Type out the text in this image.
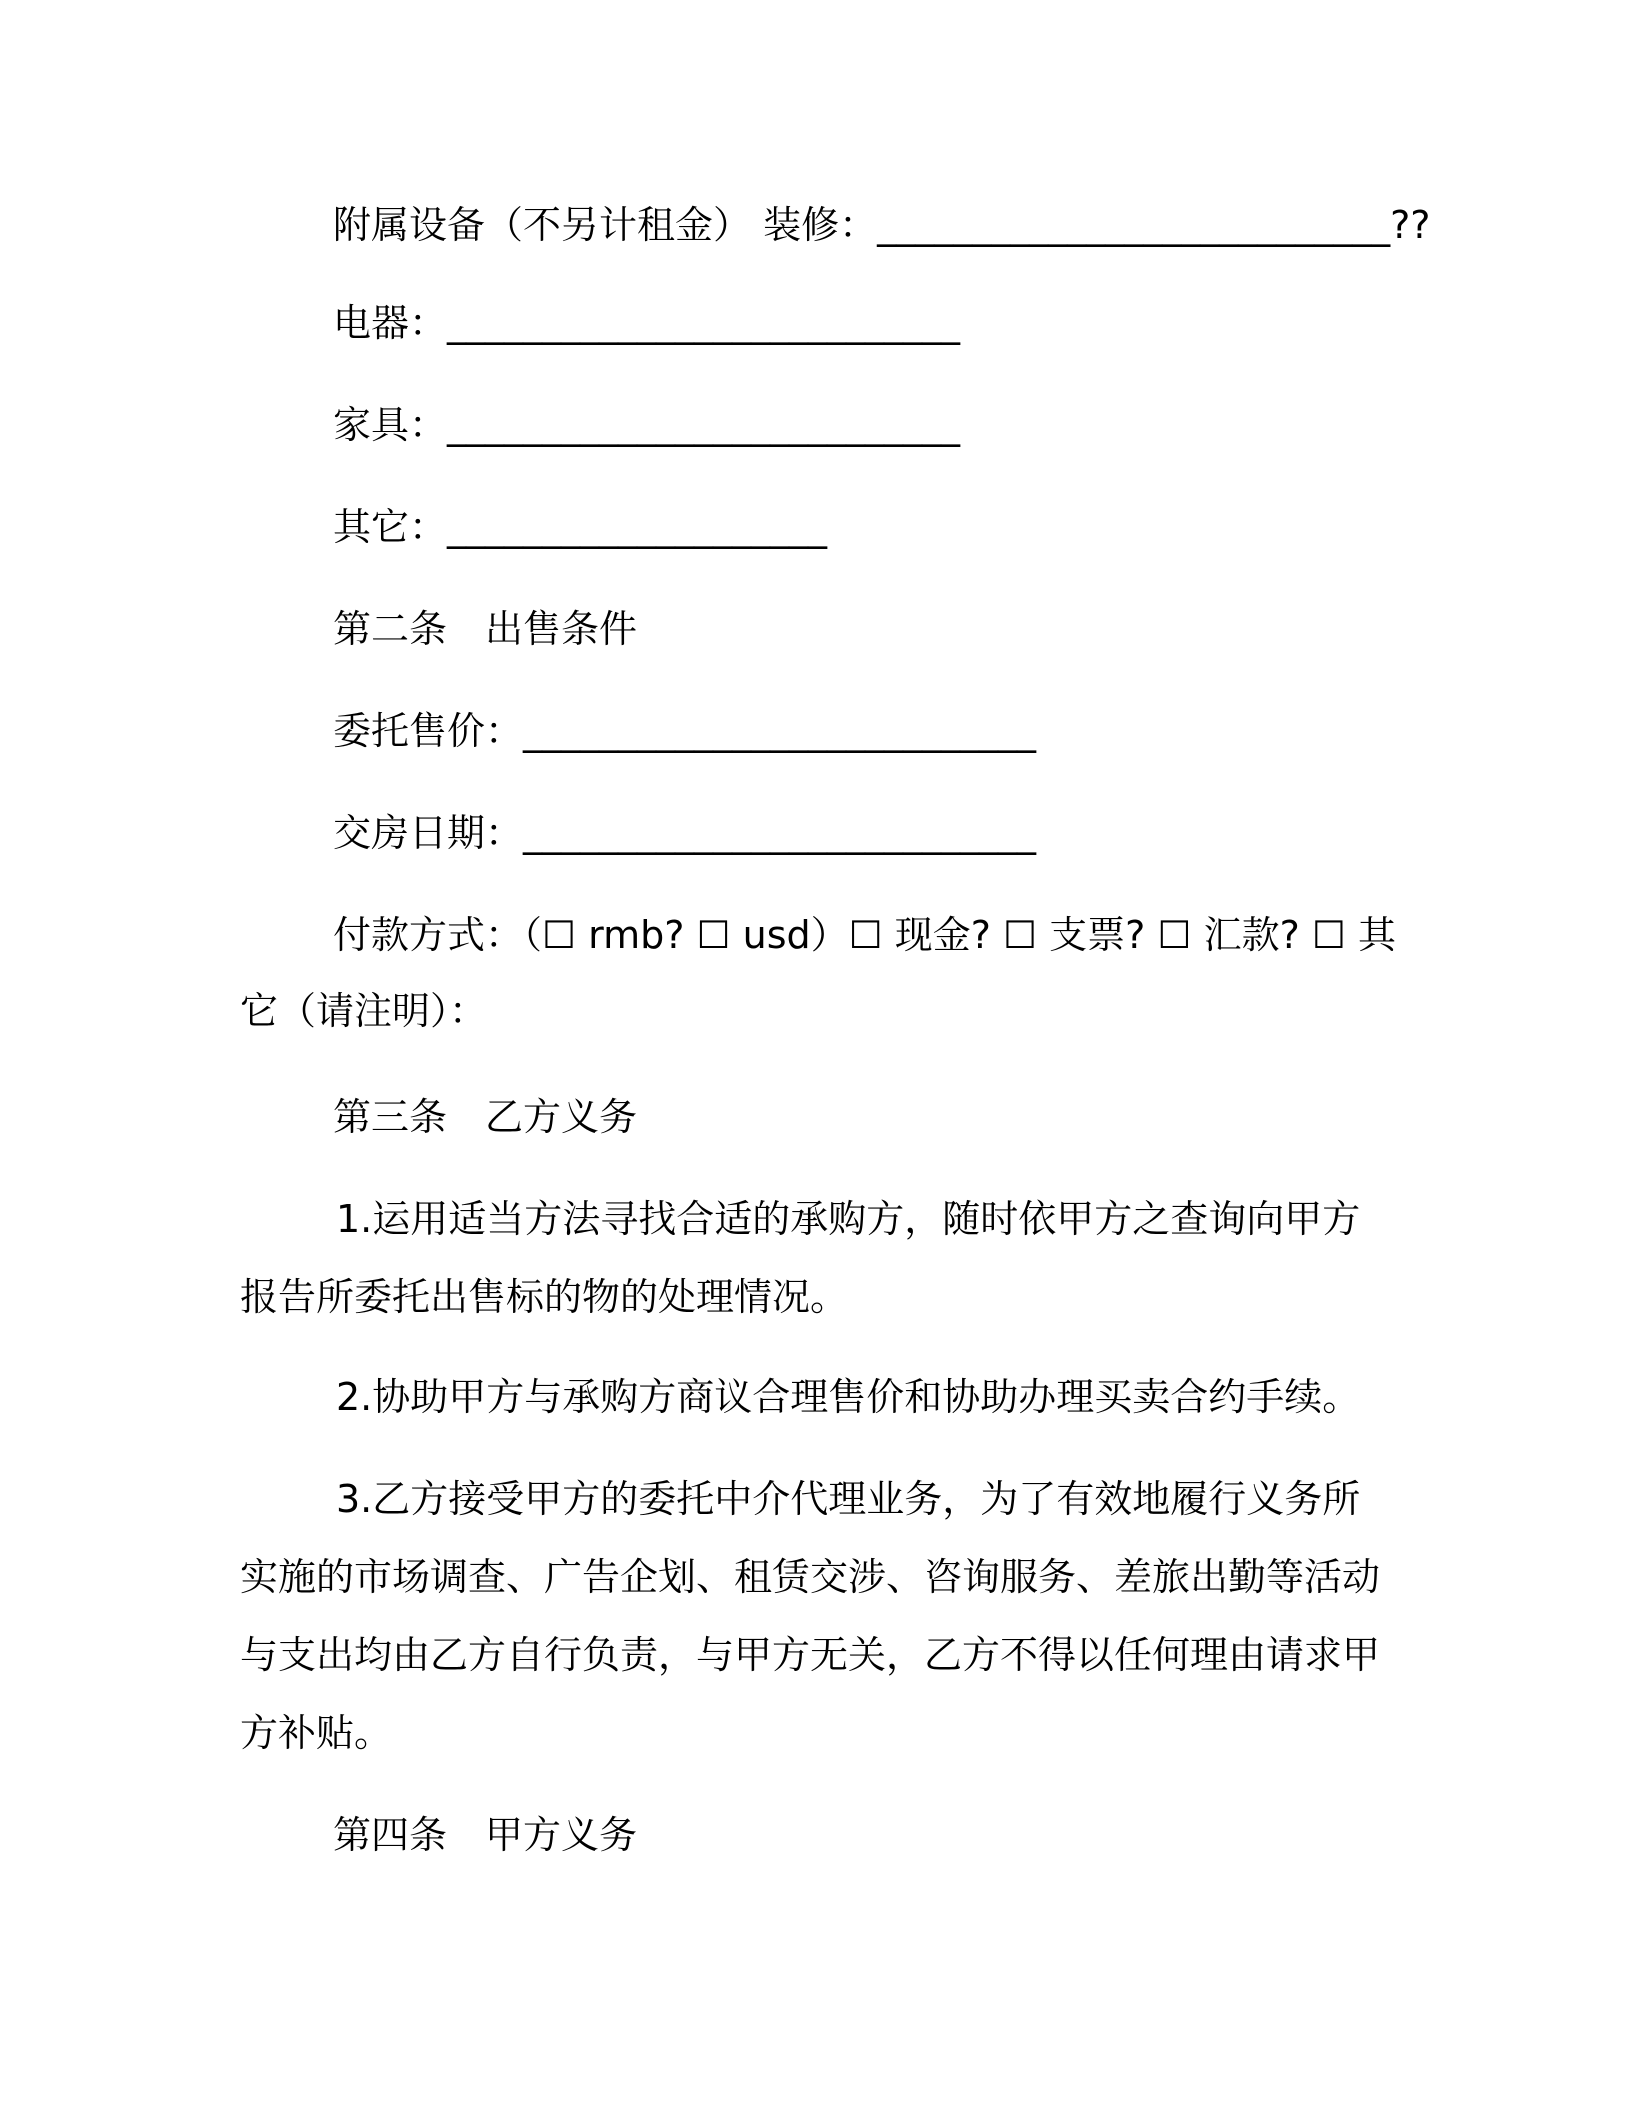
附属设备（不另计租金） 装修：___________________________??
电器：___________________________
家具：___________________________
其它：____________________
第二条　出售条件
委托售价：___________________________
交房日期：___________________________
付款方式：（☐ rmb? ☐ usd）☐ 现金? ☐ 支票? ☐ 汇款? ☐ 其
它（请注明）：
第三条　乙方义务
1.运用适当方法寻找合适的承购方，随时依甲方之查询向甲方报告所委托出售标的物的处理情况。
2.协助甲方与承购方商议合理售价和协助办理买卖合约手续。
3.乙方接受甲方的委托中介代理业务，为了有效地履行义务所实施的市场调查、广告企划、租赁交涉、咨询服务、差旅出勤等活动与支出均由乙方自行负责，与甲方无关，乙方不得以任何理由请求甲方补贴。
第四条　甲方义务
